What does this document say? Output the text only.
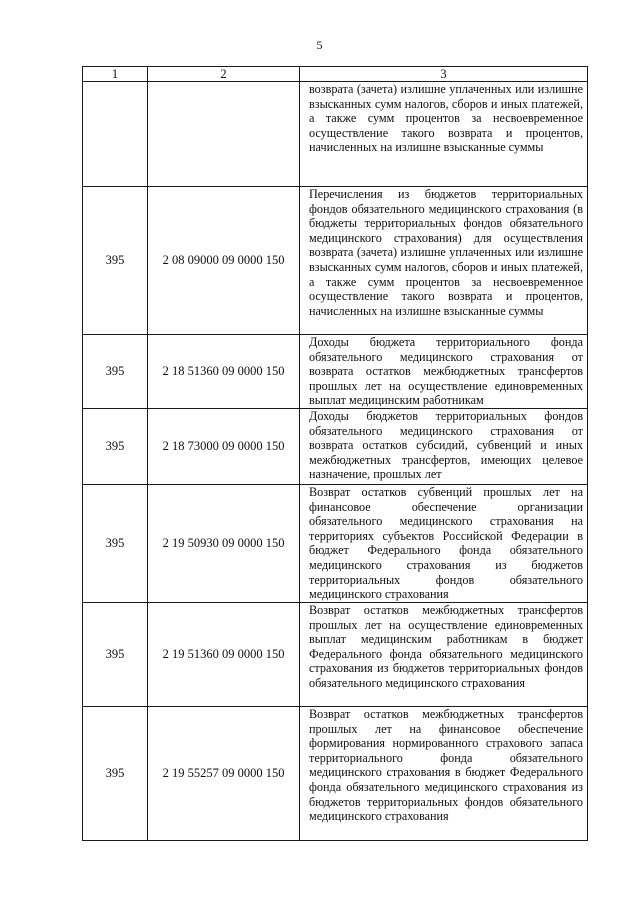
5
1	2	3
		возврата (зачета) излишне уплаченных или излишне взысканных сумм налогов, сборов и иных платежей, а также сумм процентов за несвоевременное осуществление такого возврата и процентов, начисленных на излишне взысканные суммы
395	2 08 09000 09 0000 150	Перечисления из бюджетов территориальных фондов обязательного медицинского страхования (в бюджеты территориальных фондов обязательного медицинского страхования) для осуществления возврата (зачета) излишне уплаченных или излишне взысканных сумм налогов, сборов и иных платежей, а также сумм процентов за несвоевременное осуществление такого возврата и процентов, начисленных на излишне взысканные суммы
395	2 18 51360 09 0000 150	Доходы бюджета территориального фонда обязательного медицинского страхования от возврата остатков межбюджетных трансфертов прошлых лет на осуществление единовременных выплат медицинским работникам
395	2 18 73000 09 0000 150	Доходы бюджетов территориальных фондов обязательного медицинского страхования от возврата остатков субсидий, субвенций и иных межбюджетных трансфертов, имеющих целевое назначение, прошлых лет
395	2 19 50930 09 0000 150	Возврат остатков субвенций прошлых лет на финансовое обеспечение организации обязательного медицинского страхования на территориях субъектов Российской Федерации в бюджет Федерального фонда обязательного медицинского страхования из бюджетов территориальных фондов обязательного медицинского страхования
395	2 19 51360 09 0000 150	Возврат остатков межбюджетных трансфертов прошлых лет на осуществление единовременных выплат медицинским работникам в бюджет Федерального фонда обязательного медицинского страхования из бюджетов территориальных фондов обязательного медицинского страхования
395	2 19 55257 09 0000 150	Возврат остатков межбюджетных трансфертов прошлых лет на финансовое обеспечение формирования нормированного страхового запаса территориального фонда обязательного медицинского страхования в бюджет Федерального фонда обязательного медицинского страхования из бюджетов территориальных фондов обязательного медицинского страхования
